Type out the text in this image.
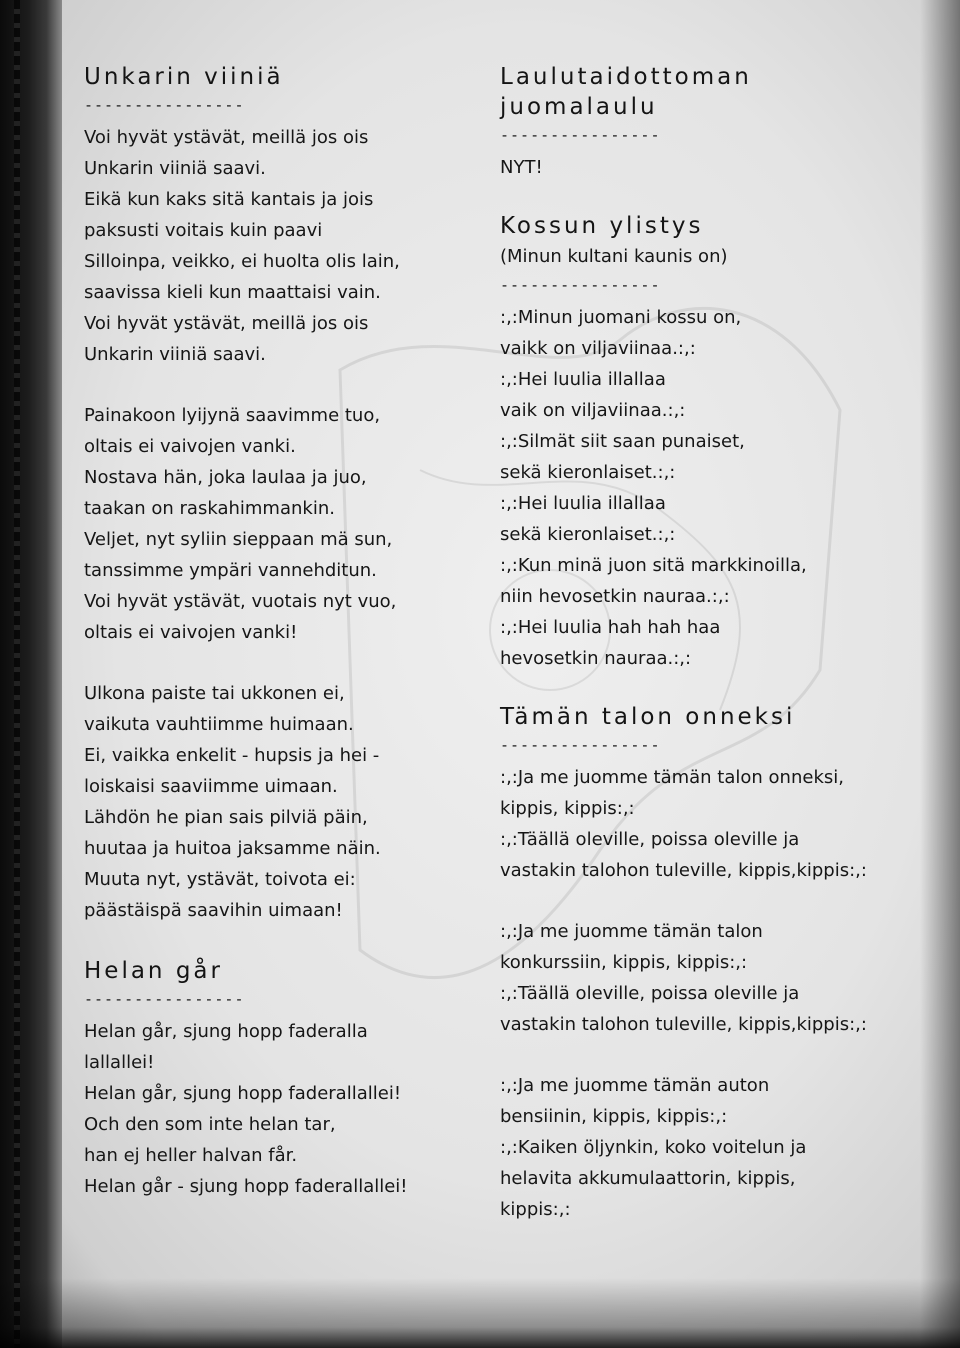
Unkarin viiniä
----------------
Voi hyvät ystävät, meillä jos ois
Unkarin viiniä saavi.
Eikä kun kaks sitä kantais ja jois
paksusti voitais kuin paavi
Silloinpa, veikko, ei huolta olis lain,
saavissa kieli kun maattaisi vain.
Voi hyvät ystävät, meillä jos ois
Unkarin viiniä saavi.
Painakoon lyijynä saavimme tuo,
oltais ei vaivojen vanki.
Nostava hän, joka laulaa ja juo,
taakan on raskahimmankin.
Veljet, nyt syliin sieppaan mä sun,
tanssimme ympäri vannehditun.
Voi hyvät ystävät, vuotais nyt vuo,
oltais ei vaivojen vanki!
Ulkona paiste tai ukkonen ei,
vaikuta vauhtiimme huimaan.
Ei, vaikka enkelit - hupsis ja hei -
loiskaisi saaviimme uimaan.
Lähdön he pian sais pilviä päin,
huutaa ja huitoa jaksamme näin.
Muuta nyt, ystävät, toivota ei:
päästäispä saavihin uimaan!
Helan går
----------------
Helan går, sjung hopp faderalla
lallallei!
Helan går, sjung hopp faderallallei!
Och den som inte helan tar,
han ej heller halvan får.
Helan går - sjung hopp faderallallei!
Laulutaidottoman
juomalaulu
----------------
NYT!
Kossun ylistys
(Minun kultani kaunis on)
----------------
:,:Minun juomani kossu on,
vaikk on viljaviinaa.:,:
:,:Hei luulia illallaa
vaik on viljaviinaa.:,:
:,:Silmät siit saan punaiset,
sekä kieronlaiset.:,:
:,:Hei luulia illallaa
sekä kieronlaiset.:,:
:,:Kun minä juon sitä markkinoilla,
niin hevosetkin nauraa.:,:
:,:Hei luulia hah hah haa
hevosetkin nauraa.:,:
Tämän talon onneksi
----------------
:,:Ja me juomme tämän talon onneksi,
kippis, kippis:,:
:,:Täällä oleville, poissa oleville ja
vastakin talohon tuleville, kippis,kippis:,:
:,:Ja me juomme tämän talon
konkurssiin, kippis, kippis:,:
:,:Täällä oleville, poissa oleville ja
vastakin talohon tuleville, kippis,kippis:,:
:,:Ja me juomme tämän auton
bensiinin, kippis, kippis:,:
:,:Kaiken öljynkin, koko voitelun ja
helavita akkumulaattorin, kippis,
kippis:,:
